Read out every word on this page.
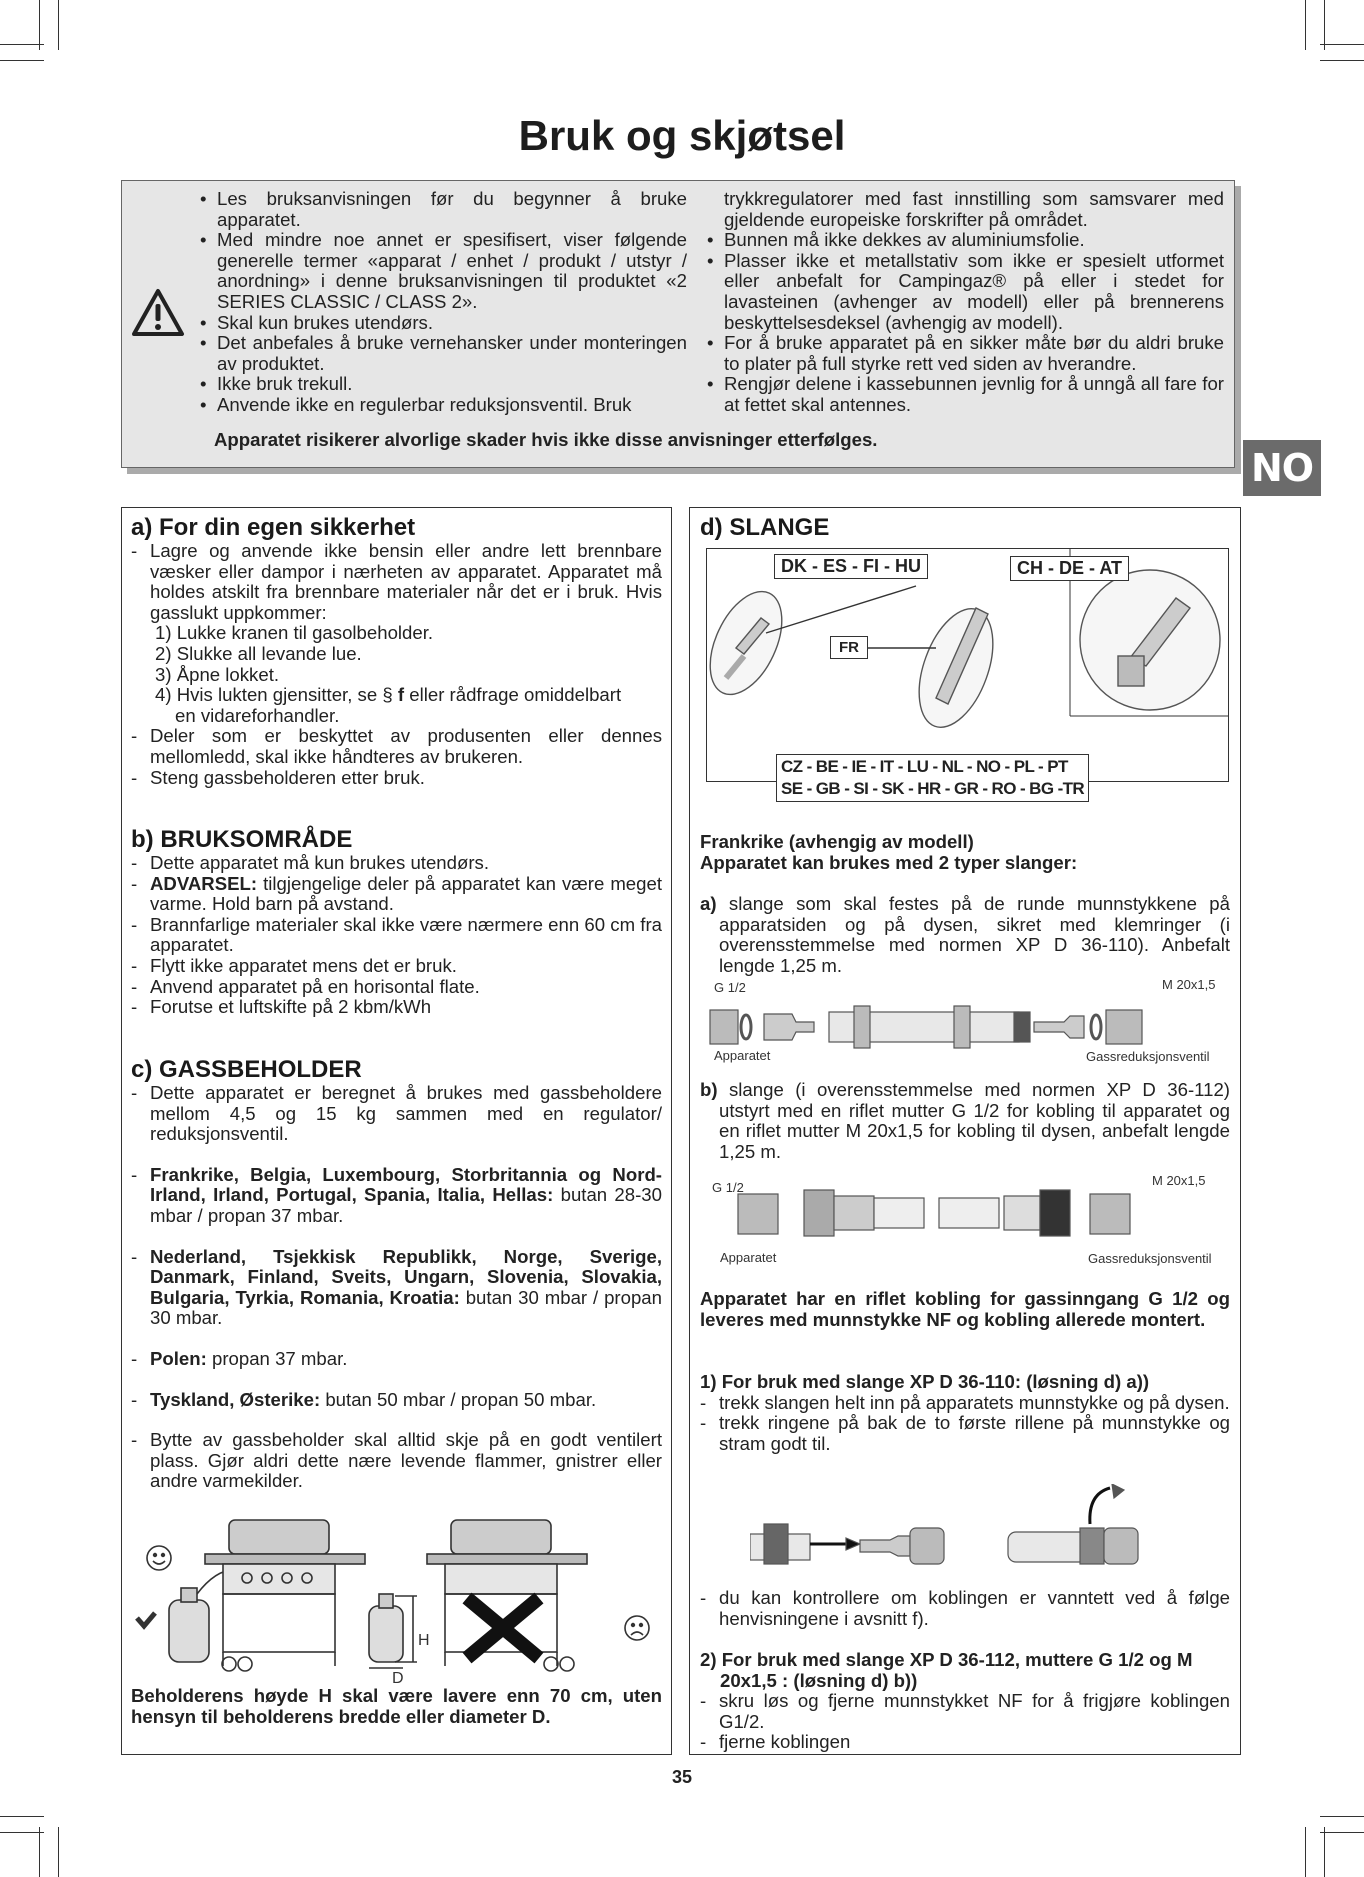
Bruk og skjøtsel
• Les bruksanvisningen før du begynner å bruke apparatet.
• Med mindre noe annet er spesifisert, viser følgende generelle termer «apparat / enhet / produkt / utstyr / anordning» i denne bruksanvisningen til produktet «2 SERIES CLASSIC / CLASS 2».
• Skal kun brukes utendørs.
• Det anbefales å bruke vernehansker under monteringen av produktet.
• Ikke bruk trekull.
• Anvende ikke en regulerbar reduksjonsventil. Bruk
trykkregulatorer med fast innstilling som samsvarer med gjeldende europeiske forskrifter på området.
• Bunnen må ikke dekkes av aluminiumsfolie.
• Plasser ikke et metallstativ som ikke er spesielt utformet eller anbefalt for Campingaz® på eller i stedet for lavasteinen (avhenger av modell) eller på brennerens beskyttelsesdeksel (avhengig av modell).
• For å bruke apparatet på en sikker måte bør du aldri bruke to plater på full styrke rett ved siden av hverandre.
• Rengjør delene i kassebunnen jevnlig for å unngå all fare for at fettet skal antennes.
Apparatet risikerer alvorlige skader hvis ikke disse anvisninger etterfølges.
NO
a) For din egen sikkerhet
- Lagre og anvende ikke bensin eller andre lett brennbare væsker eller dampor i nærheten av apparatet. Apparatet må holdes atskilt fra brennbare materialer når det er i bruk. Hvis gasslukt uppkommer:
1) Lukke kranen til gasolbeholder.
2) Slukke all levande lue.
3) Åpne lokket.
4) Hvis lukten gjensitter, se § f eller rådfrage omiddelbart
en vidareforhandler.
- Deler som er beskyttet av produsenten eller dennes mellomledd, skal ikke håndteres av brukeren.
- Steng gassbeholderen etter bruk.
b) BRUKSOMRÅDE
- Dette apparatet må kun brukes utendørs.
- ADVARSEL: tilgjengelige deler på apparatet kan være meget varme. Hold barn på avstand.
- Brannfarlige materialer skal ikke være nærmere enn 60 cm fra apparatet.
- Flytt ikke apparatet mens det er bruk.
- Anvend apparatet på en horisontal flate.
- Forutse et luftskifte på 2 kbm/kWh
c) GASSBEHOLDER
- Dette apparatet er beregnet å brukes med gassbeholdere mellom 4,5 og 15 kg sammen med en regulator/ reduksjonsventil.
- Frankrike, Belgia, Luxembourg, Storbritannia og Nord-Irland, Irland, Portugal, Spania, Italia, Hellas: butan 28-30 mbar / propan 37 mbar.
- Nederland, Tsjekkisk Republikk, Norge, Sverige, Danmark, Finland, Sveits, Ungarn, Slovenia, Slovakia, Bulgaria, Tyrkia, Romania, Kroatia: butan 30 mbar / propan 30 mbar.
- Polen: propan 37 mbar.
- Tyskland, Østerike: butan 50 mbar / propan 50 mbar.
- Bytte av gassbeholder skal alltid skje på en godt ventilert plass. Gjør aldri dette nære levende flammer, gnistrer eller andre varmekilder.
H
D
Beholderens høyde H skal være lavere enn 70 cm, uten hensyn til beholderens bredde eller diameter D.
d) SLANGE
DK - ES - FI - HU	CH - DE - AT
FR
CZ - BE - IE - IT - LU - NL - NO - PL - PT
SE - GB - SI - SK - HR - GR - RO - BG -TR
Frankrike (avhengig av modell)
Apparatet kan brukes med 2 typer slanger:
a) slange som skal festes på de runde munnstykkene på apparatsiden og på dysen, sikret med klemringer (i overensstemmelse med normen XP D 36-110). Anbefalt lengde 1,25 m.
G 1/2	M 20x1,5
Apparatet	Gassreduksjonsventil
b) slange (i overensstemmelse med normen XP D 36-112) utstyrt med en riflet mutter G 1/2 for kobling til apparatet og en riflet mutter M 20x1,5 for kobling til dysen, anbefalt lengde 1,25 m.
G 1/2	M 20x1,5
Apparatet	Gassreduksjonsventil
Apparatet har en riflet kobling for gassinngang G 1/2 og leveres med munnstykke NF og kobling allerede montert.
1) For bruk med slange XP D 36-110: (løsning d) a))
- trekk slangen helt inn på apparatets munnstykke og på dysen.
- trekk ringene på bak de to første rillene på munnstykke og stram godt til.
- du kan kontrollere om koblingen er vanntett ved å følge henvisningene i avsnitt f).
2) For bruk med slange XP D 36-112, muttere G 1/2 og M 20x1,5 : (løsning d) b))
- skru løs og fjerne munnstykket NF for å frigjøre koblingen G1/2.
- fjerne koblingen
35
